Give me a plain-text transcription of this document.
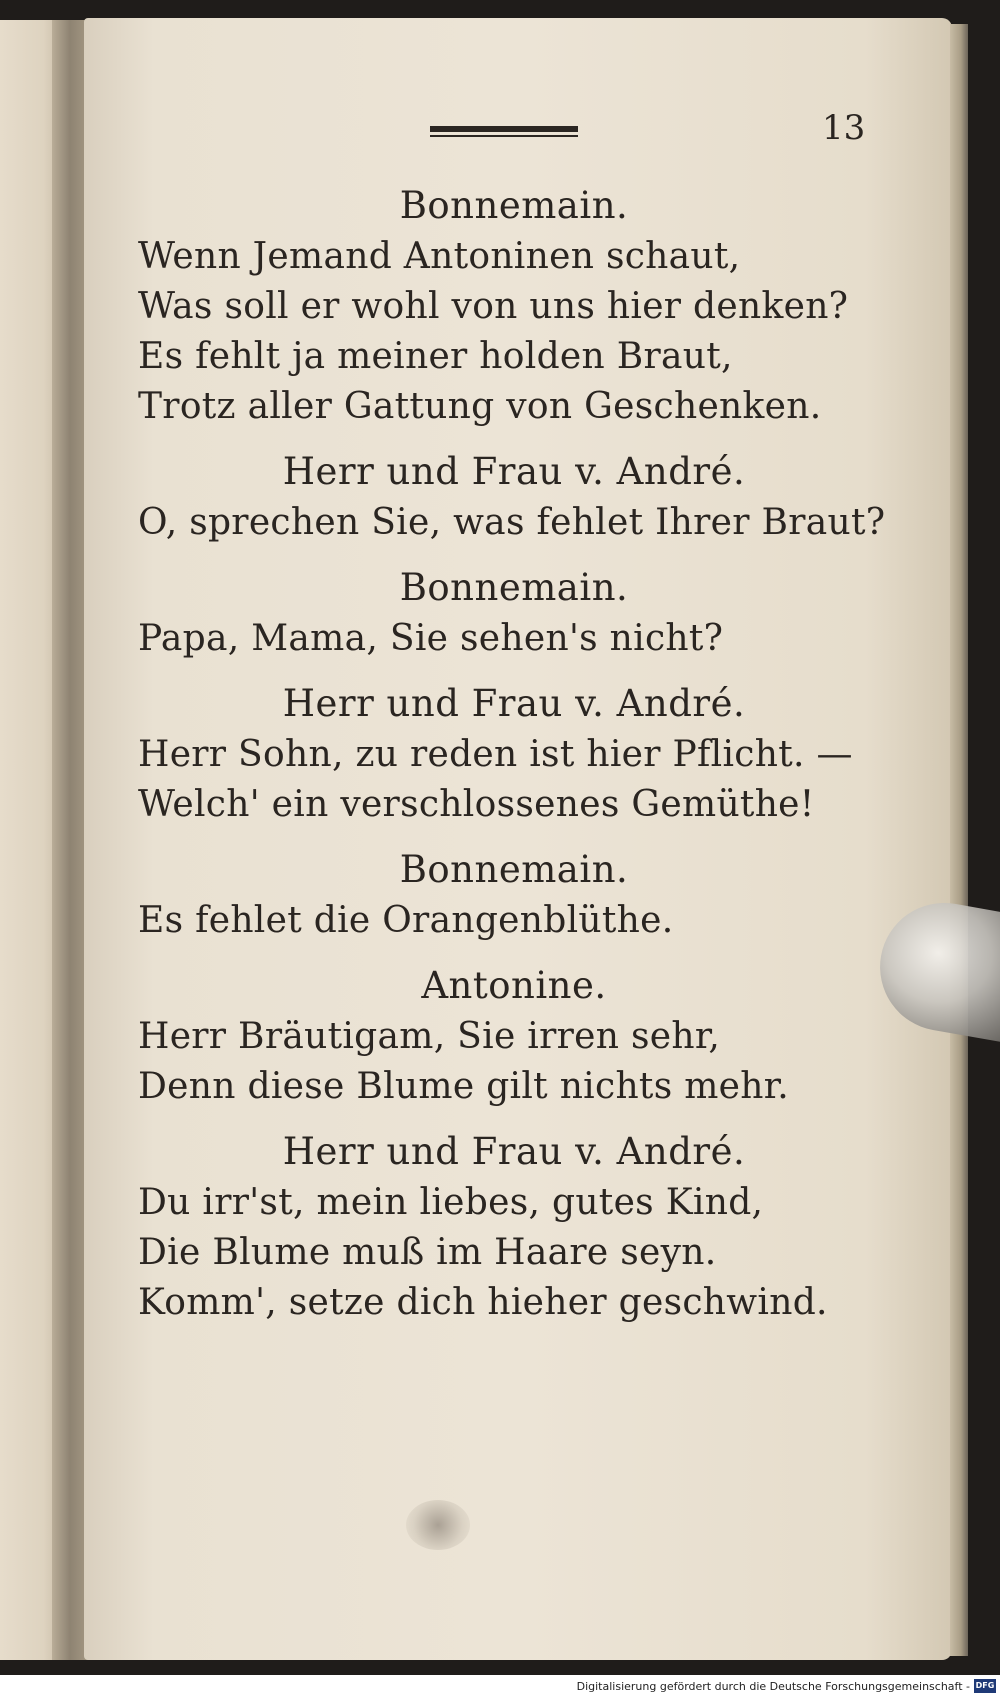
13
Bonnemain.
Wenn Jemand Antoninen schaut,
Was soll er wohl von uns hier denken?
Es fehlt ja meiner holden Braut,
Trotz aller Gattung von Geschenken.
Herr und Frau v. André.
O, sprechen Sie, was fehlet Ihrer Braut?
Bonnemain.
Papa, Mama, Sie sehen's nicht?
Herr und Frau v. André.
Herr Sohn, zu reden ist hier Pflicht. —
Welch' ein verschlossenes Gemüthe!
Bonnemain.
Es fehlet die Orangenblüthe.
Antonine.
Herr Bräutigam, Sie irren sehr,
Denn diese Blume gilt nichts mehr.
Herr und Frau v. André.
Du irr'st, mein liebes, gutes Kind,
Die Blume muß im Haare seyn.
Komm', setze dich hieher geschwind.
Digitalisierung gefördert durch die Deutsche Forschungsgemeinschaft - DFG
